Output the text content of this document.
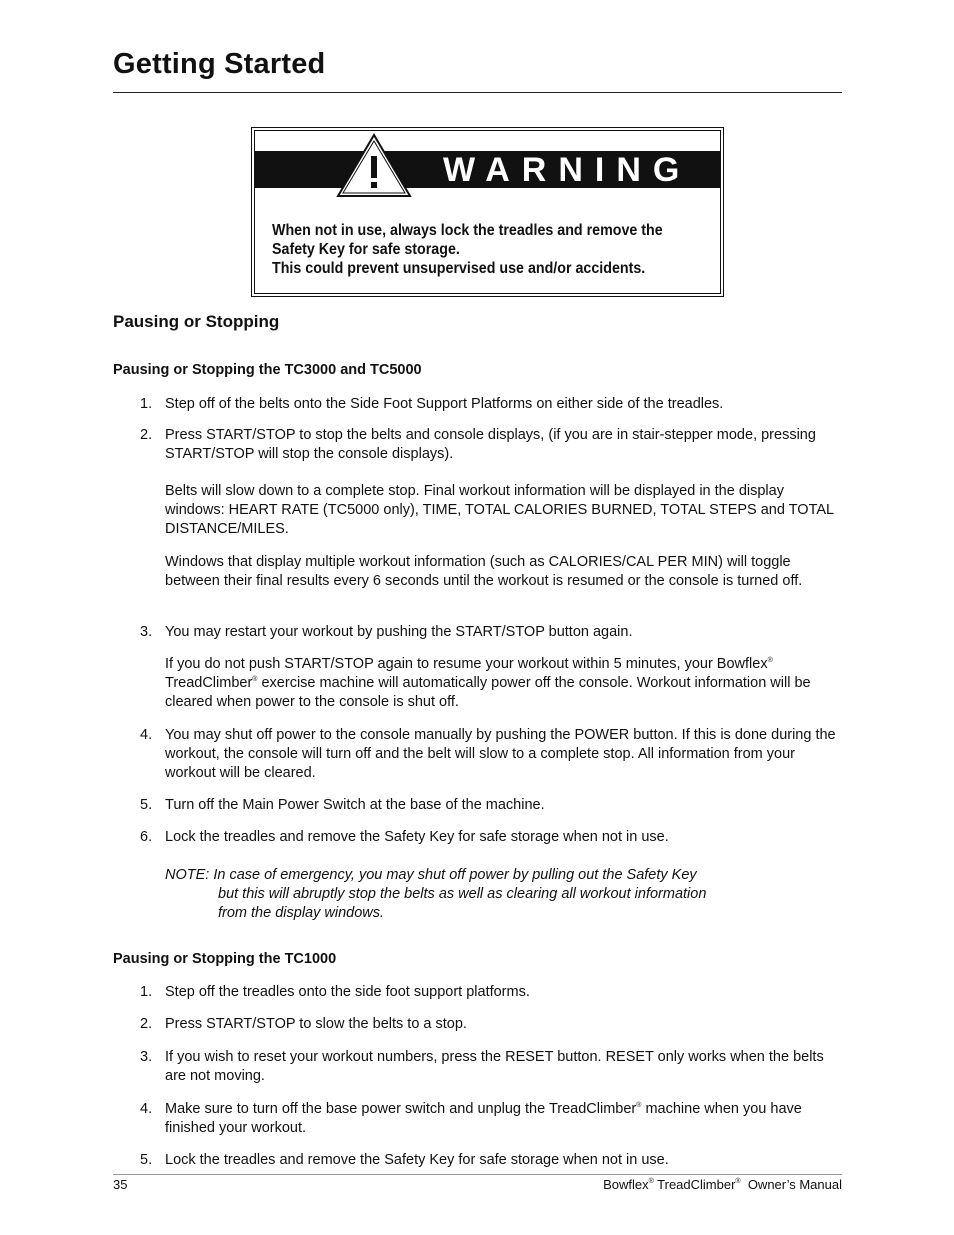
Getting Started
WARNING
When not in use, always lock the treadles and remove the
Safety Key for safe storage.
This could prevent unsupervised use and/or accidents.
Pausing or Stopping
Pausing or Stopping the TC3000 and TC5000
1. Step off of the belts onto the Side Foot Support Platforms on either side of the treadles.
2. Press START/STOP to stop the belts and console displays, (if you are in stair-stepper mode, pressing START/STOP will stop the console displays).
Belts will slow down to a complete stop. Final workout information will be displayed in the display windows: HEART RATE (TC5000 only), TIME, TOTAL CALORIES BURNED, TOTAL STEPS and TOTAL DISTANCE/MILES.
Windows that display multiple workout information (such as CALORIES/CAL PER MIN) will toggle between their final results every 6 seconds until the workout is resumed or the console is turned off.
3. You may restart your workout by pushing the START/STOP button again.
If you do not push START/STOP again to resume your workout within 5 minutes, your Bowflex®
TreadClimber® exercise machine will automatically power off the console. Workout information will be cleared when power to the console is shut off.
4. You may shut off power to the console manually by pushing the POWER button. If this is done during the workout, the console will turn off and the belt will slow to a complete stop. All information from your workout will be cleared.
5. Turn off the Main Power Switch at the base of the machine.
6. Lock the treadles and remove the Safety Key for safe storage when not in use.
NOTE: In case of emergency, you may shut off power by pulling out the Safety Key
but this will abruptly stop the belts as well as clearing all workout information
from the display windows.
Pausing or Stopping the TC1000
1. Step off the treadles onto the side foot support platforms.
2. Press START/STOP to slow the belts to a stop.
3. If you wish to reset your workout numbers, press the RESET button. RESET only works when the belts are not moving.
4. Make sure to turn off the base power switch and unplug the TreadClimber® machine when you have finished your workout.
5. Lock the treadles and remove the Safety Key for safe storage when not in use.
35	Bowflex® TreadClimber®  Owner’s Manual
